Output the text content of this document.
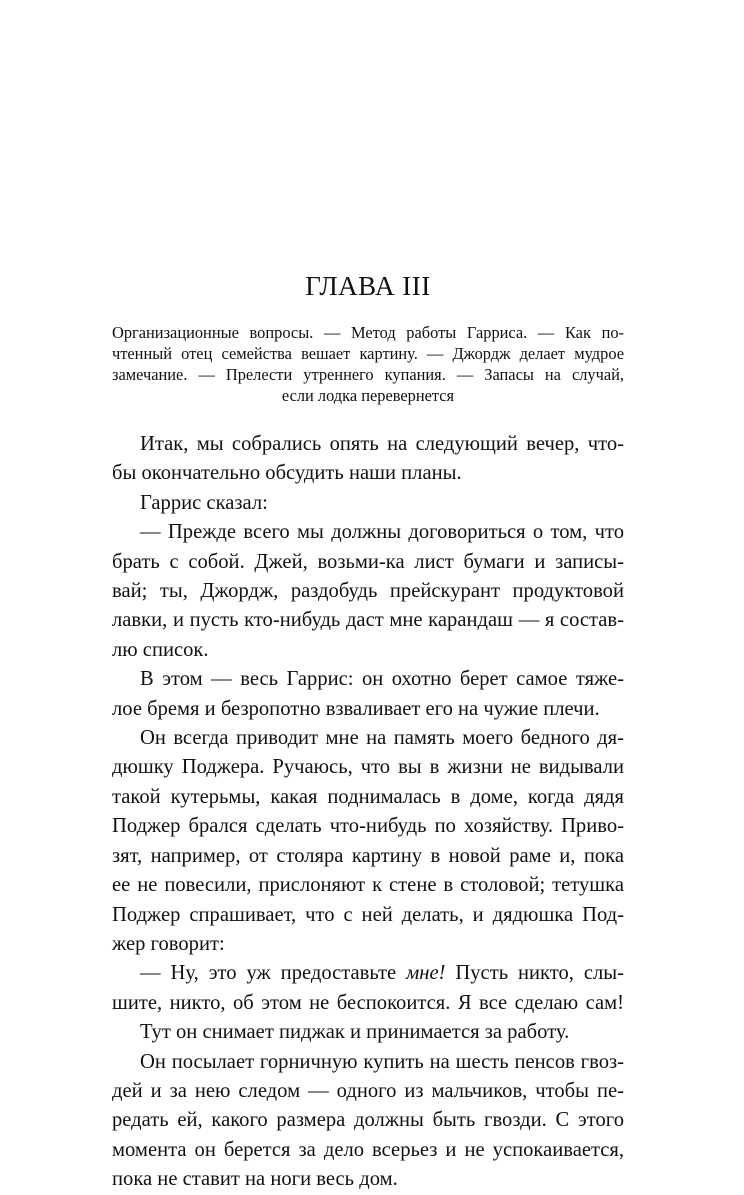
ГЛАВА III
Организационные вопросы. — Метод работы Гарриса. — Как по-
чтенный отец семейства вешает картину. — Джордж делает мудрое
замечание. — Прелести утреннего купания. — Запасы на случай,
если лодка перевернется
Итак, мы собрались опять на следующий вечер, что-
бы окончательно обсудить наши планы.
Гаррис сказал:
— Прежде всего мы должны договориться о том, что
брать с собой. Джей, возьми-ка лист бумаги и записы-
вай; ты, Джордж, раздобудь прейскурант продуктовой
лавки, и пусть кто-нибудь даст мне карандаш — я состав-
лю список.
В этом — весь Гаррис: он охотно берет самое тяже-
лое бремя и безропотно взваливает его на чужие плечи.
Он всегда приводит мне на память моего бедного дя-
дюшку Поджера. Ручаюсь, что вы в жизни не видывали
такой кутерьмы, какая поднималась в доме, когда дядя
Поджер брался сделать что-нибудь по хозяйству. Приво-
зят, например, от столяра картину в новой раме и, пока
ее не повесили, прислоняют к стене в столовой; тетушка
Поджер спрашивает, что с ней делать, и дядюшка Под-
жер говорит:
— Ну, это уж предоставьте мне! Пусть никто, слы-
шите, никто, об этом не беспокоится. Я все сделаю сам!
Тут он снимает пиджак и принимается за работу.
Он посылает горничную купить на шесть пенсов гвоз-
дей и за нею следом — одного из мальчиков, чтобы пе-
редать ей, какого размера должны быть гвозди. С этого
момента он берется за дело всерьез и не успокаивается,
пока не ставит на ноги весь дом.
